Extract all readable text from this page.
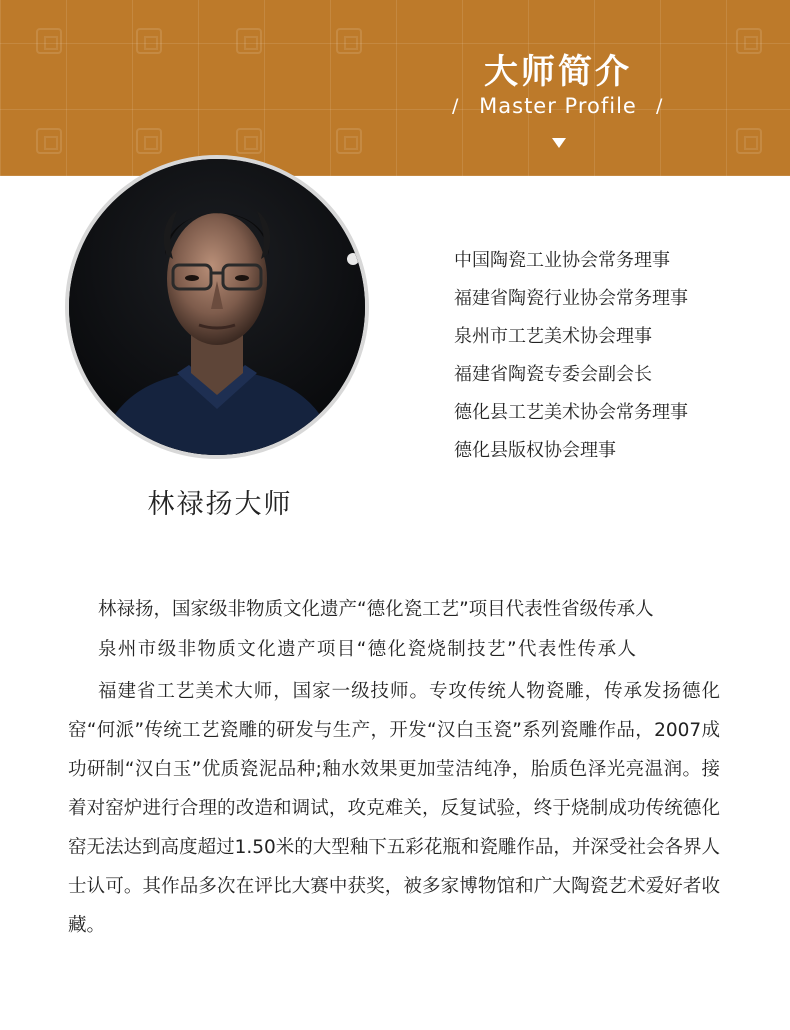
大师简介
/ Master Profile	/
林禄扬大师
中国陶瓷工业协会常务理事
福建省陶瓷行业协会常务理事
泉州市工艺美术协会理事
福建省陶瓷专委会副会长
德化县工艺美术协会常务理事
德化县版权协会理事
林禄扬，国家级非物质文化遗产“德化瓷工艺”项目代表性省级传承人
泉州市级非物质文化遗产项目“德化瓷烧制技艺”代表性传承人

福建省工艺美术大师，国家一级技师。专攻传统人物瓷雕，传承发扬德化窑“何派”传统工艺瓷雕的研发与生产，开发“汉白玉瓷”系列瓷雕作品，2007成功研制“汉白玉”优质瓷泥品种;釉水效果更加莹洁纯净，胎质色泽光亮温润。接着对窑炉进行合理的改造和调试，攻克难关，反复试验，终于烧制成功传统德化窑无法达到高度超过1.50米的大型釉下五彩花瓶和瓷雕作品，并深受社会各界人士认可。其作品多次在评比大赛中获奖，被多家博物馆和广大陶瓷艺术爱好者收藏。
